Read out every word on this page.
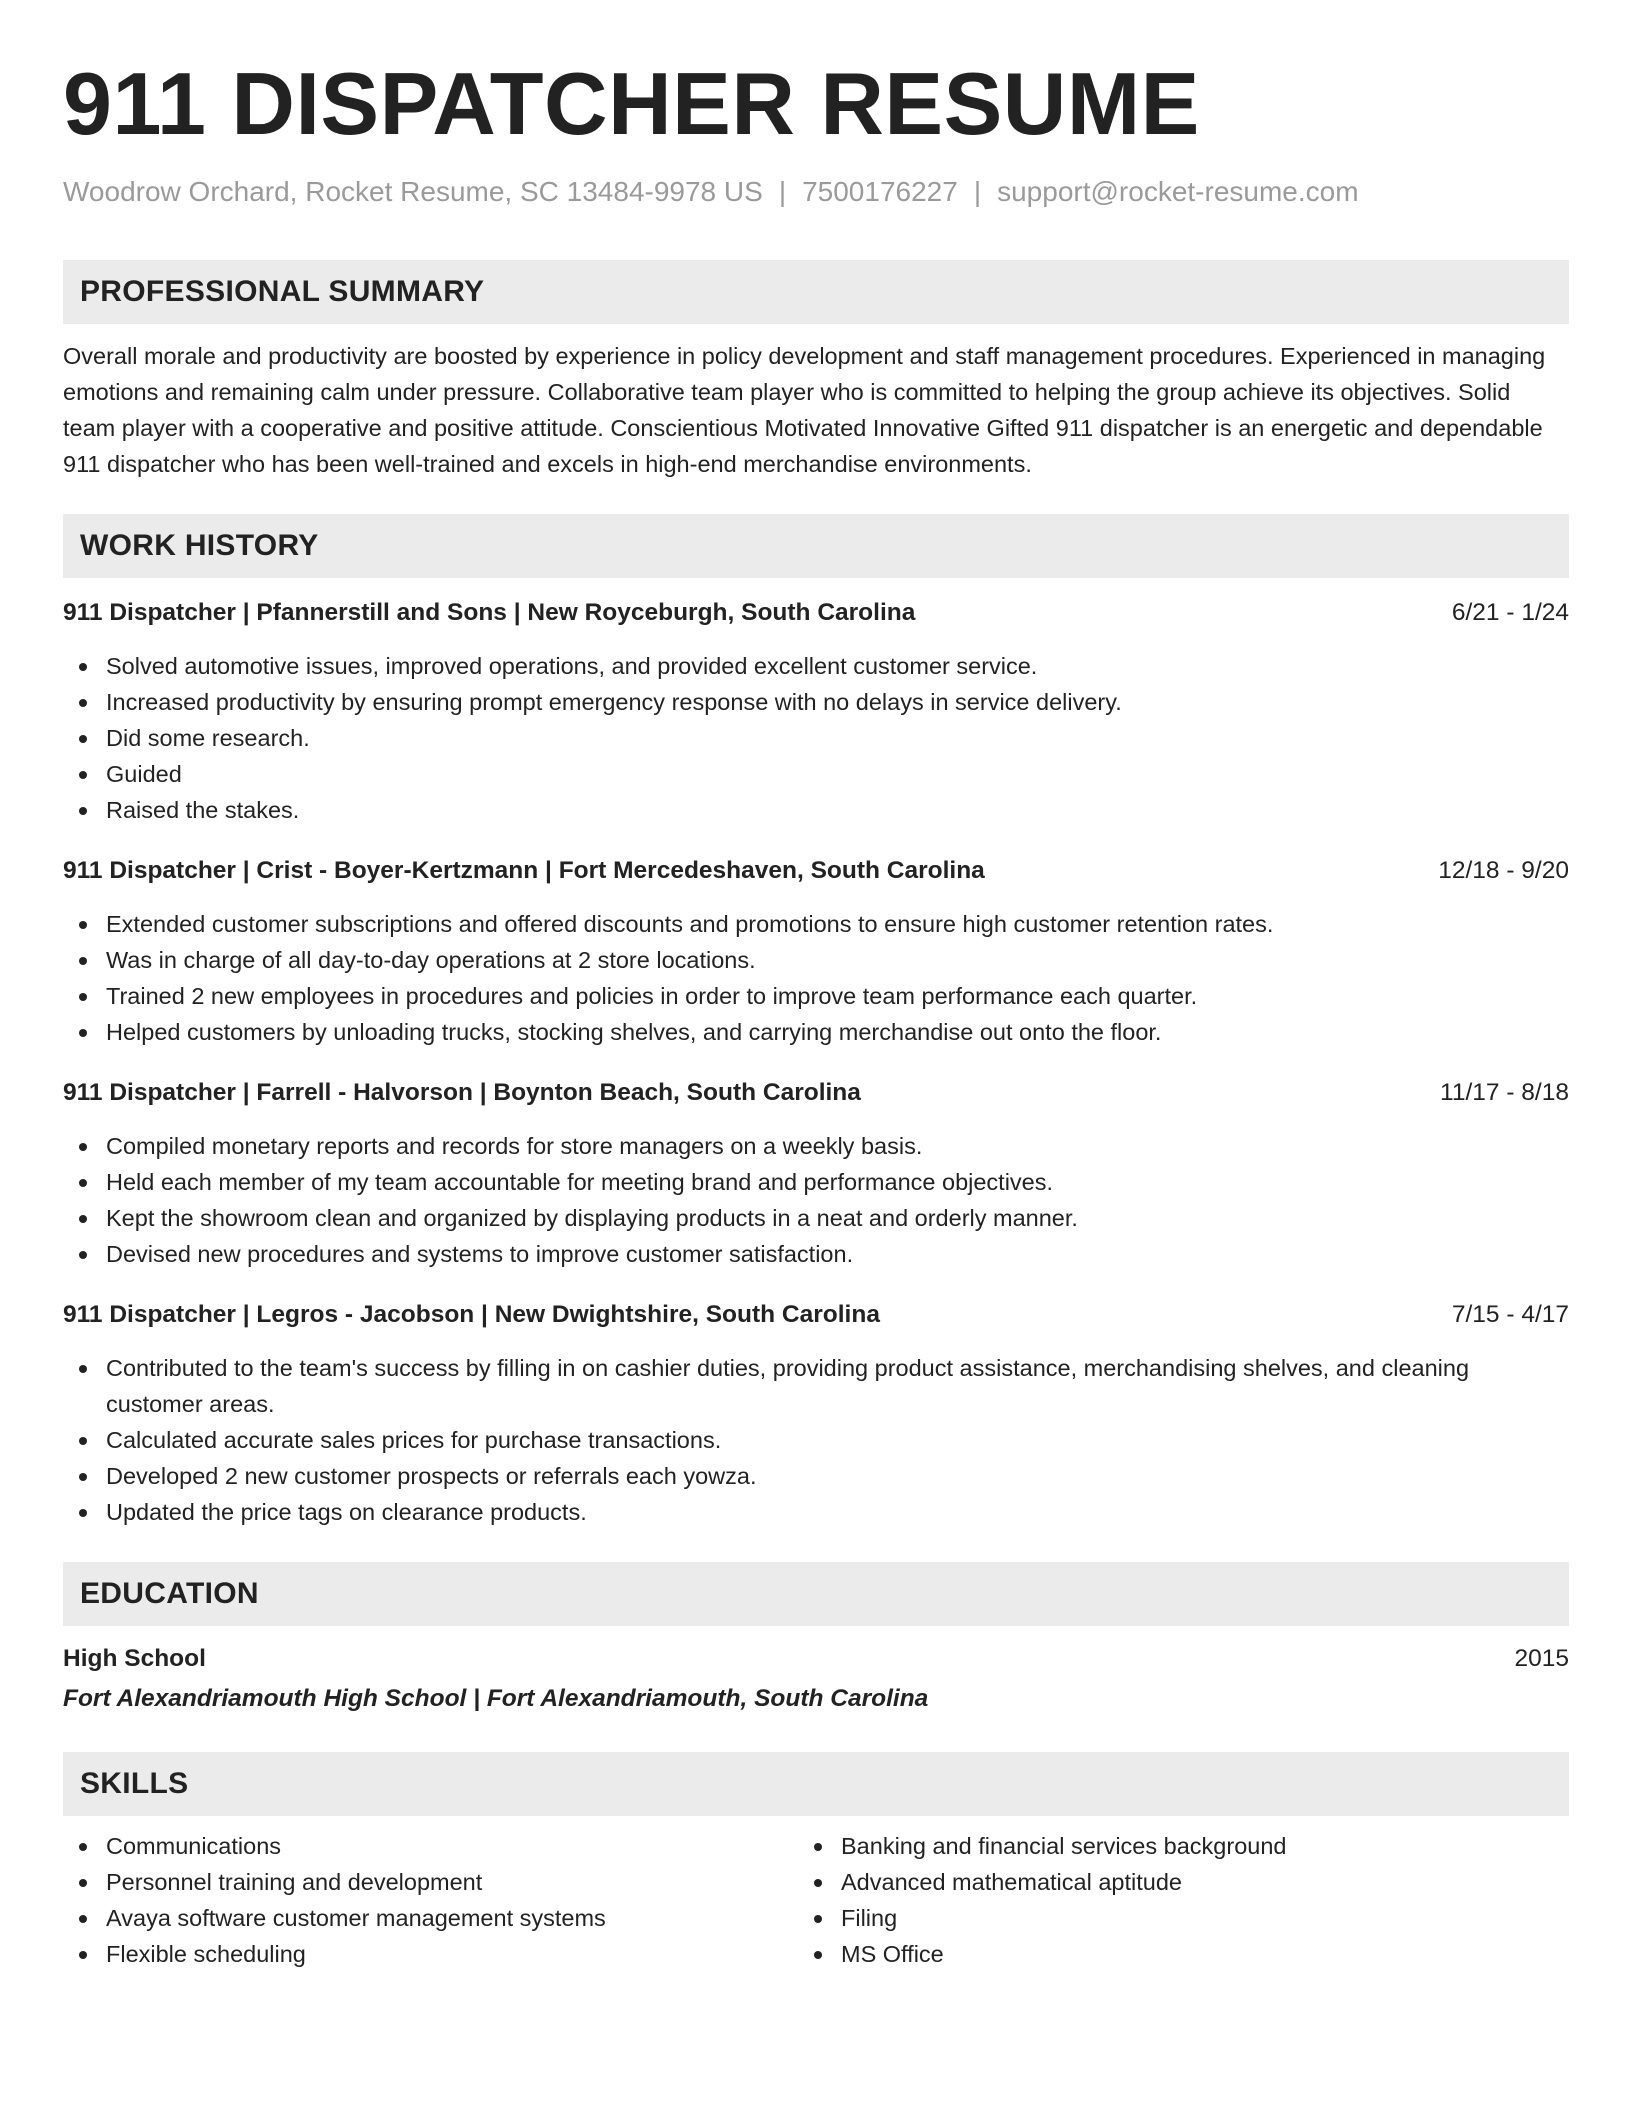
911 DISPATCHER RESUME
Woodrow Orchard, Rocket Resume, SC 13484-9978 US | 7500176227 | support@rocket-resume.com
PROFESSIONAL SUMMARY

Overall morale and productivity are boosted by experience in policy development and staff management procedures. Experienced in managing emotions and remaining calm under pressure. Collaborative team player who is committed to helping the group achieve its objectives. Solid team player with a cooperative and positive attitude. Conscientious Motivated Innovative Gifted 911 dispatcher is an energetic and dependable 911 dispatcher who has been well-trained and excels in high-end merchandise environments.

WORK HISTORY
911 Dispatcher | Pfannerstill and Sons | New Royceburgh, South Carolina	6/21 - 1/24
Solved automotive issues, improved operations, and provided excellent customer service.
Increased productivity by ensuring prompt emergency response with no delays in service delivery.
Did some research.
Guided
Raised the stakes.
911 Dispatcher | Crist - Boyer-Kertzmann | Fort Mercedeshaven, South Carolina	12/18 - 9/20
Extended customer subscriptions and offered discounts and promotions to ensure high customer retention rates.
Was in charge of all day-to-day operations at 2 store locations.
Trained 2 new employees in procedures and policies in order to improve team performance each quarter.
Helped customers by unloading trucks, stocking shelves, and carrying merchandise out onto the floor.
911 Dispatcher | Farrell - Halvorson | Boynton Beach, South Carolina	11/17 - 8/18
Compiled monetary reports and records for store managers on a weekly basis.
Held each member of my team accountable for meeting brand and performance objectives.
Kept the showroom clean and organized by displaying products in a neat and orderly manner.
Devised new procedures and systems to improve customer satisfaction.
911 Dispatcher | Legros - Jacobson | New Dwightshire, South Carolina	7/15 - 4/17
Contributed to the team's success by filling in on cashier duties, providing product assistance, merchandising shelves, and cleaning customer areas.
Calculated accurate sales prices for purchase transactions.
Developed 2 new customer prospects or referrals each yowza.
Updated the price tags on clearance products.
EDUCATION
High School	2015
Fort Alexandriamouth High School | Fort Alexandriamouth, South Carolina
SKILLS
Communications
Personnel training and development
Avaya software customer management systems
Flexible scheduling
Banking and financial services background
Advanced mathematical aptitude
Filing
MS Office
